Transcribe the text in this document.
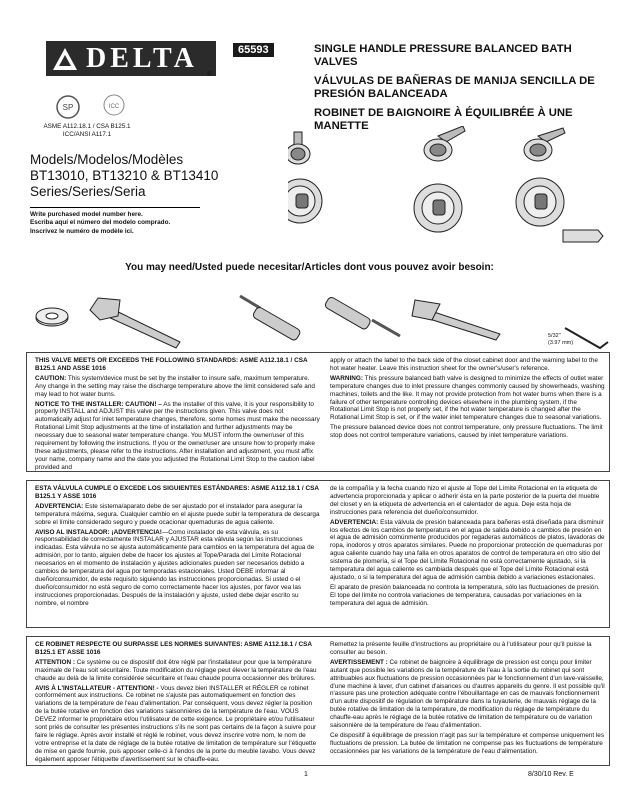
DELTA
®
65593	SINGLE HANDLE PRESSURE BALANCED BATH VALVES
VÁLVULAS DE BAÑERAS DE MANIJA SENCILLA DE PRESIÓN BALANCEADA
ROBINET DE BAIGNOIRE À ÉQUILIBRÉE À UNE MANETTE
SP	ICC
ASME A112.18.1 / CSA B125.1
ICC/ANSI A117.1
Models/Modelos/Modèles
BT13010, BT13210 & BT13410
Series/Series/Seria
Write purchased model number here.
Escriba aquí el número del modelo comprado.
Inscrivez le numéro de modèle ici.
You may need/Usted puede necesitar/Articles dont vous pouvez avoir besoin:
5/32"
(3.97 mm)

THIS VALVE MEETS OR EXCEEDS THE FOLLOWING STANDARDS: ASME A112.18.1 / CSA B125.1 AND ASSE 1016

CAUTION: This system/device must be set by the installer to insure safe, maximum temperature. Any change in the setting may raise the discharge temperature above the limit considered safe and may lead to hot water burns.

NOTICE TO THE INSTALLER: CAUTION! – As the installer of this valve, it is your responsibility to properly INSTALL and ADJUST this valve per the instructions given. This valve does not automatically adjust for inlet temperature changes, therefore, some homes must make the necessary Rotational Limit Stop adjustments at the time of installation and further adjustments may be necessary due to seasonal water temperature change. You MUST inform the owner/user of this requirement by following the instructions. If you or the owner/user are unsure how to properly make these adjustments, please refer to the instructions. After installation and adjustment, you must affix your name, company name and the date you adjusted the Rotational Limit Stop to the caution label provided and

apply or attach the label to the back side of the closet cabinet door and the warning label to the hot water heater. Leave this instruction sheet for the owner's/user's reference.

WARNING: This pressure balanced bath valve is designed to minimize the effects of outlet water temperature changes due to inlet pressure changes commonly caused by showerheads, washing machines, toilets and the like. It may not provide protection from hot water burns when there is a failure of other temperature controlling devices elsewhere in the plumbing system, if the Rotational Limit Stop is not properly set, if the hot water temperature is changed after the Rotational Limit Stop is set, or if the water inlet temperature changes due to seasonal variations.

The pressure balanced device does not control temperature, only pressure fluctuations. The limit stop does not control temperature variations, caused by inlet temperature variations.

ESTA VÁLVULA CUMPLE O EXCEDE LOS SIGUIENTES ESTÁNDARES: ASME A112.18.1 / CSA B125.1 Y ASSE 1016

ADVERTENCIA: Este sistema/aparato debe de ser ajustado por el instalador para asegurar la temperatura máxima, segura. Cualquier cambio en el ajuste puede subir la temperatura de descarga sobre el límite considerado seguro y puede ocacionar quemaduras de agua caliente.

AVISO AL INSTALADOR: ¡ADVERTENCIA!—Como instalador de esta válvula, es su responsabilidad de correctamente INSTALAR y AJUSTAR esta válvula según las instrucciones indicadas. Esta válvula no se ajusta automáticamente para cambios en la temperatura del agua de admisión, por lo tanto, alguien debe de hacer los ajustes al Tope/Parada del Límite Rotacional necesarios en el momento de instalación y ajustes adicionales pueden ser necesarios debido a cambios de temperatura del agua por temporadas estacionales. Usted DEBE informar al dueño/consumidor, de este requisito siguiendo las instrucciones proporcionadas. Si usted o el dueño/consumidor no está seguro de como correctamente hacer los ajustes, por favor vea las instrucciones proporcionadas. Después de la instalación y ajuste, usted debe dejar escrito su nombre, el nombre

de la compañía y la fecha cuando hizo el ajuste al Tope del Límite Rotacional en la etiqueta de advertencia proporcionada y aplicar o adherir ésta en la parte posterior de la puerta del mueble del closet y en la etiqueta de advertencia en el calentador de agua. Deje esta hoja de instrucciones para referencia del dueño/consumidor.

ADVERTENCIA: Esta válvula de presión balanceada para bañeras está diseñada para disminuir los efectos de los cambios de temperatura en el agua de salida debido a cambios de presión en el agua de admisión comúnmente producidos por regaderas automáticos de platos, lavadoras de ropa, inodoros y otros aparatos similares. Puede no proporcionar protección de quemaduras por agua caliente cuando hay una falla en otros aparatos de control de temperatura en otro sitio del sistema de plomería, si el Tope del Límite Rotacional no está correctamente ajustado, si la temperatura del agua caliente es cambiada después que el Tope del Límite Rotacional está ajustado, o si la temperatura del agua de admisión cambia debido a variaciones estacionales.

El aparato de presión balanceada no controla la temperatura, sólo las fluctuaciones de presión. El tope del límite no controla variaciones de temperatura, causadas por variaciones en la temperatura del agua de admisión.

CE ROBINET RESPECTE OU SURPASSE LES NORMES SUIVANTES: ASME A112.18.1 / CSA B125.1 ET ASSE 1016

ATTENTION : Ce système ou ce dispositif doit être réglé par l'installateur pour que la température maximale de l'eau soit sécuritaire. Toute modification du réglage peut élever la température de l'eau chaude au delà de la limite considérée sécuritaire et l'eau chaude pourra occasionner des brûlures.

AVIS À L'INSTALLATEUR - ATTENTION! - Vous devez bien INSTALLER et RÉGLER ce robinet conformément aux instructions. Ce robinet ne s'ajuste pas automatiquement en fonction des variations de la température de l'eau d'alimentation. Par conséquent, vous devez régler la position de la butée rotative en fonction des variations saisonnières de la température de l'eau. VOUS DEVEZ informer le propriétaire et/ou l'utilisateur de cette exigence. Le propriétaire et/ou l'utilisateur sont priés de consulter les présentes instructions s'ils ne sont pas certains de la façon à suivre pour faire le réglage. Après avoir installé et réglé le robinet, vous devez inscrire votre nom, le nom de votre entreprise et la date de réglage de la butée rotative de limitation de température sur l'étiquette de mise en garde fournie, puis apposer celle-ci à l'endos de la porte du meuble lavabo. Vous devez également apposer l'étiquette d'avertissement sur le chauffe-eau.

Remettez la présente feuille d'instructions au propriétaire ou à l'utilisateur pour qu'il puisse la consulter au besoin.

AVERTISSEMENT : Ce robinet de baignoire à équilibrage de pression est conçu pour limiter autant que possible les variations de la température de l'eau à la sortie du robinet qui sont attribuables aux fluctuations de pression occasionnées par le fonctionnement d'un lave-vaisselle, d'une machine à laver, d'un cabinet d'aisances ou d'autres appareils du genre. Il est possible qu'il n'assure pas une protection adéquate contre l'ébouillantage en cas de mauvais fonctionnement d'un autre dispositif de régulation de température dans la tuyauterie, de mauvais réglage de la butée rotative de limitation de la température, de modification du réglage de température du chauffe-eau après le réglage de la butée rotative de limitation de température ou de variation saisonnière de la température de l'eau d'alimentation.

Ce dispositif à équilibrage de pression n'agit pas sur la température et compense uniquement les fluctuations de pression. La butée de limitation ne compense pas les fluctuations de température occasionnées par les variations de la température de l'eau d'alimentation.

1	8/30/10 Rev. E
